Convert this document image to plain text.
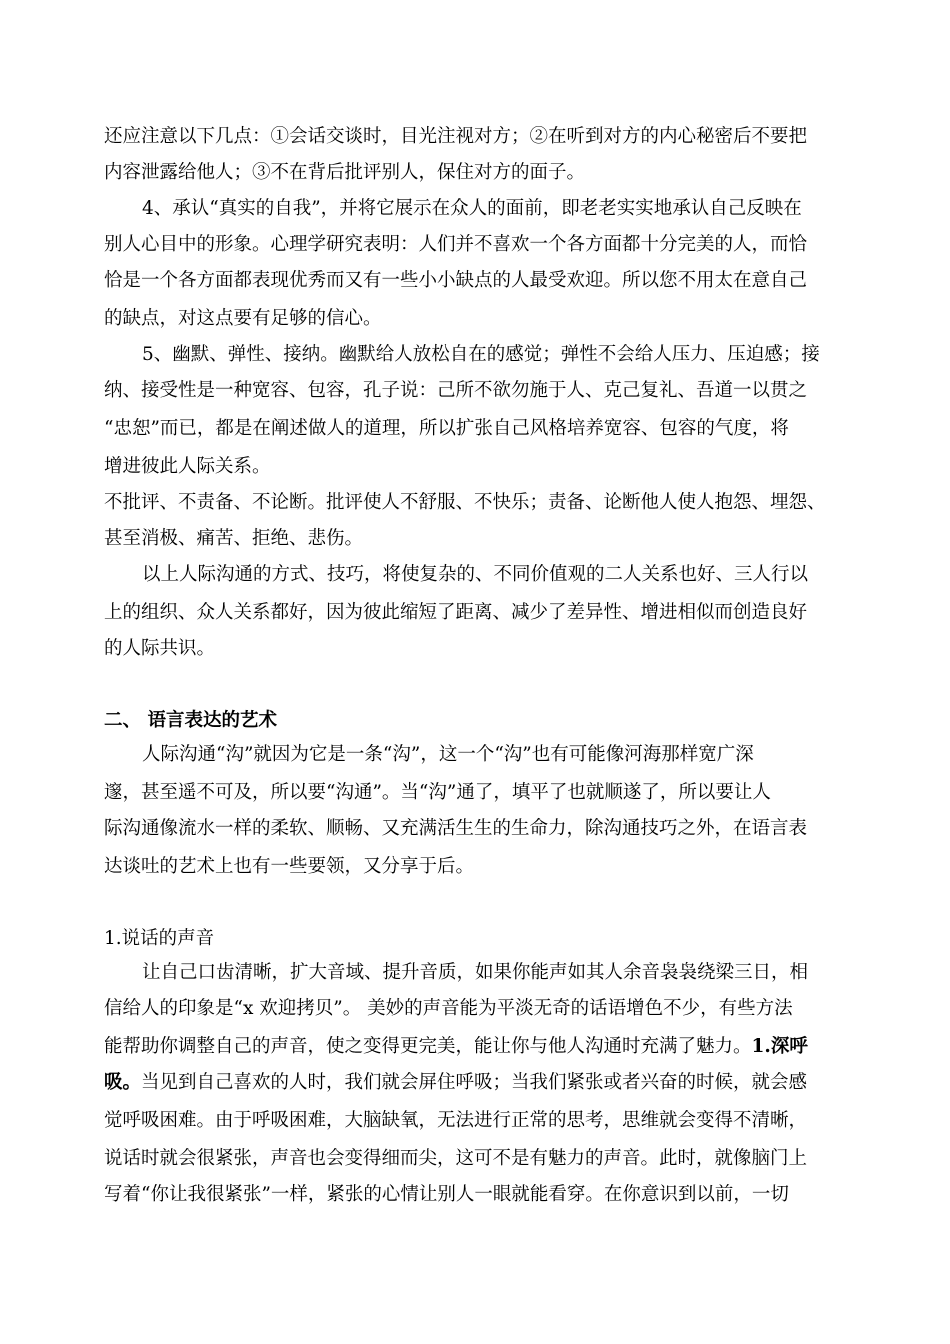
还应注意以下几点：①会话交谈时，目光注视对方；②在听到对方的内心秘密后不要把
内容泄露给他人；③不在背后批评别人，保住对方的面子。
4、承认“真实的自我”，并将它展示在众人的面前，即老老实实地承认自己反映在
别人心目中的形象。心理学研究表明：人们并不喜欢一个各方面都十分完美的人，而恰
恰是一个各方面都表现优秀而又有一些小小缺点的人最受欢迎。所以您不用太在意自己
的缺点，对这点要有足够的信心。
5、幽默、弹性、接纳。幽默给人放松自在的感觉；弹性不会给人压力、压迫感；接
纳、接受性是一种宽容、包容，孔子说：己所不欲勿施于人、克己复礼、吾道一以贯之
“忠恕”而已，都是在阐述做人的道理，所以扩张自己风格培养宽容、包容的气度，将
增进彼此人际关系。
不批评、不责备、不论断。批评使人不舒服、不快乐；责备、论断他人使人抱怨、埋怨、
甚至消极、痛苦、拒绝、悲伤。
以上人际沟通的方式、技巧，将使复杂的、不同价值观的二人关系也好、三人行以
上的组织、众人关系都好，因为彼此缩短了距离、减少了差异性、增进相似而创造良好
的人际共识。
二、 语言表达的艺术
人际沟通“沟”就因为它是一条“沟”，这一个“沟”也有可能像河海那样宽广深
邃，甚至遥不可及，所以要“沟通”。当“沟”通了，填平了也就顺遂了，所以要让人
际沟通像流水一样的柔软、顺畅、又充满活生生的生命力，除沟通技巧之外，在语言表
达谈吐的艺术上也有一些要领，又分享于后。
1.说话的声音
让自己口齿清晰，扩大音域、提升音质，如果你能声如其人余音袅袅绕梁三日，相
信给人的印象是“x 欢迎拷贝”。 美妙的声音能为平淡无奇的话语增色不少，有些方法
能帮助你调整自己的声音，使之变得更完美，能让你与他人沟通时充满了魅力。1.深呼
吸。当见到自己喜欢的人时，我们就会屏住呼吸；当我们紧张或者兴奋的时候，就会感
觉呼吸困难。由于呼吸困难，大脑缺氧，无法进行正常的思考，思维就会变得不清晰，
说话时就会很紧张，声音也会变得细而尖，这可不是有魅力的声音。此时，就像脑门上
写着“你让我很紧张”一样，紧张的心情让别人一眼就能看穿。在你意识到以前，一切
